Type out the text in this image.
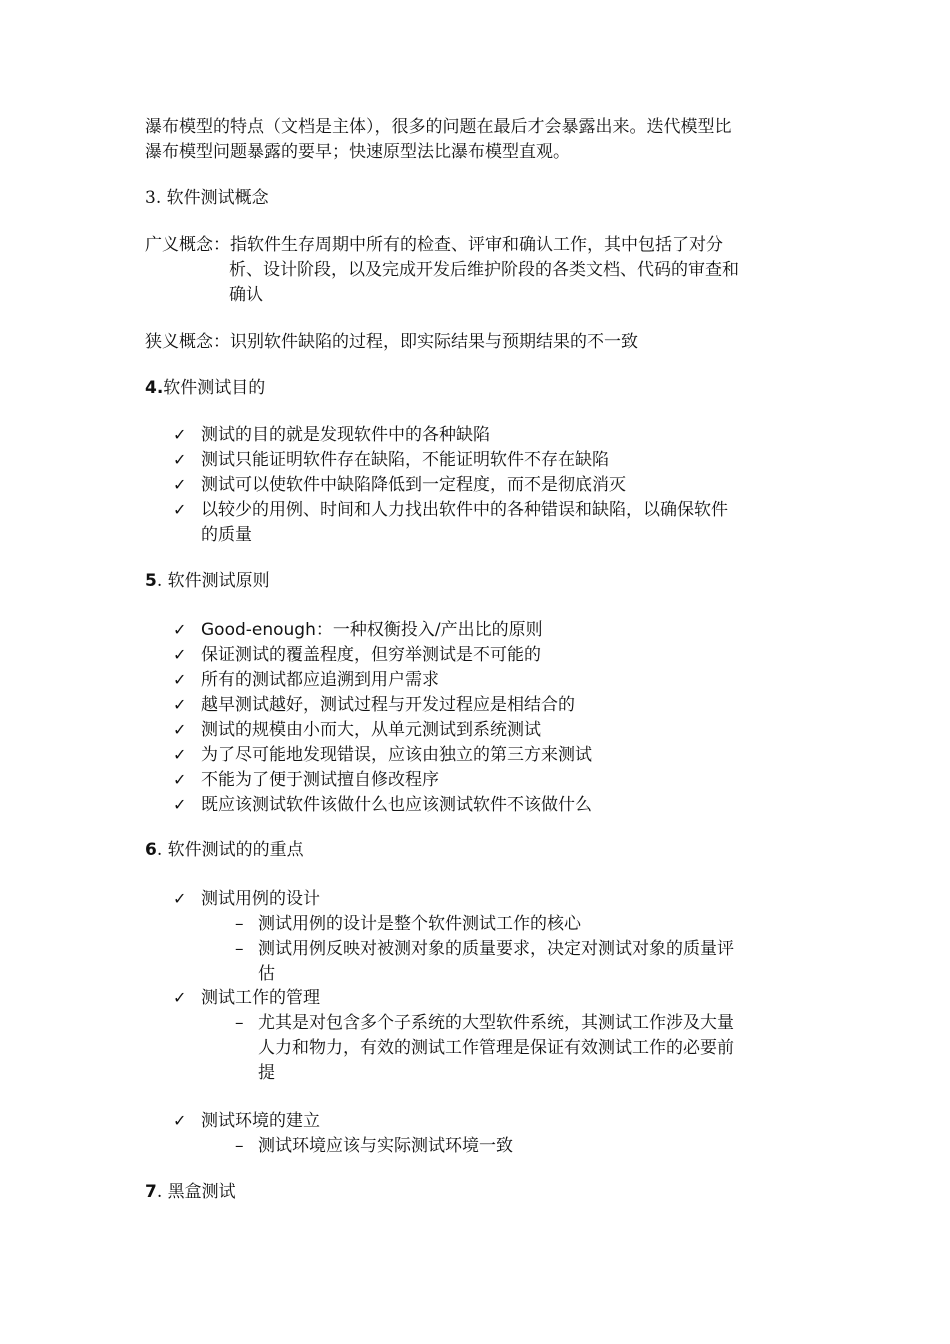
瀑布模型的特点（文档是主体），很多的问题在最后才会暴露出来。迭代模型比
瀑布模型问题暴露的要早；快速原型法比瀑布模型直观。
3. 软件测试概念
广义概念：指软件生存周期中所有的检查、评审和确认工作，其中包括了对分
析、设计阶段，以及完成开发后维护阶段的各类文档、代码的审查和
确认
狭义概念：识别软件缺陷的过程，即实际结果与预期结果的不一致
4.软件测试目的
✓ 测试的目的就是发现软件中的各种缺陷
✓ 测试只能证明软件存在缺陷，不能证明软件不存在缺陷
✓ 测试可以使软件中缺陷降低到一定程度，而不是彻底消灭
✓ 以较少的用例、时间和人力找出软件中的各种错误和缺陷，以确保软件
的质量
5. 软件测试原则
✓ Good-enough：一种权衡投入/产出比的原则
✓ 保证测试的覆盖程度，但穷举测试是不可能的
✓ 所有的测试都应追溯到用户需求
✓ 越早测试越好，测试过程与开发过程应是相结合的
✓ 测试的规模由小而大，从单元测试到系统测试
✓ 为了尽可能地发现错误，应该由独立的第三方来测试
✓ 不能为了便于测试擅自修改程序
✓ 既应该测试软件该做什么也应该测试软件不该做什么
6. 软件测试的的重点
✓ 测试用例的设计
– 测试用例的设计是整个软件测试工作的核心
– 测试用例反映对被测对象的质量要求，决定对测试对象的质量评
估
✓ 测试工作的管理
– 尤其是对包含多个子系统的大型软件系统，其测试工作涉及大量
人力和物力，有效的测试工作管理是保证有效测试工作的必要前
提
✓ 测试环境的建立
– 测试环境应该与实际测试环境一致
7. 黑盒测试
